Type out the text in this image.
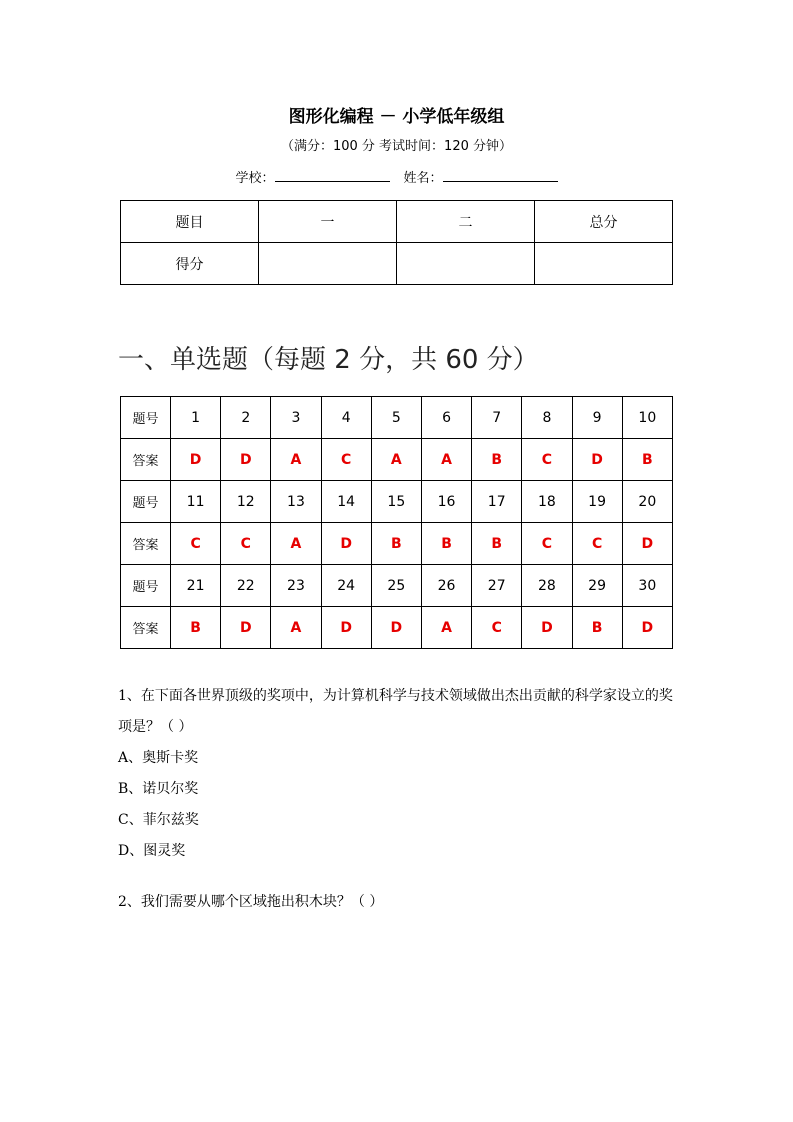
图形化编程 － 小学低年级组
（满分：100 分 考试时间：120 分钟）
学校：	姓名：
题目	一	二	总分
得分			
一、单选题（每题 2 分，共 60 分）
题号	1	2	3	4	5	6	7	8	9	10
答案	D	D	A	C	A	A	B	C	D	B
题号	11	12	13	14	15	16	17	18	19	20
答案	C	C	A	D	B	B	B	C	C	D
题号	21	22	23	24	25	26	27	28	29	30
答案	B	D	A	D	D	A	C	D	B	D

1、在下面各世界顶级的奖项中，为计算机科学与技术领域做出杰出贡献的科学家设立的奖项是？（ ）

A、奥斯卡奖

B、诺贝尔奖

C、菲尔兹奖

D、图灵奖

2、我们需要从哪个区域拖出积木块？（ ）
